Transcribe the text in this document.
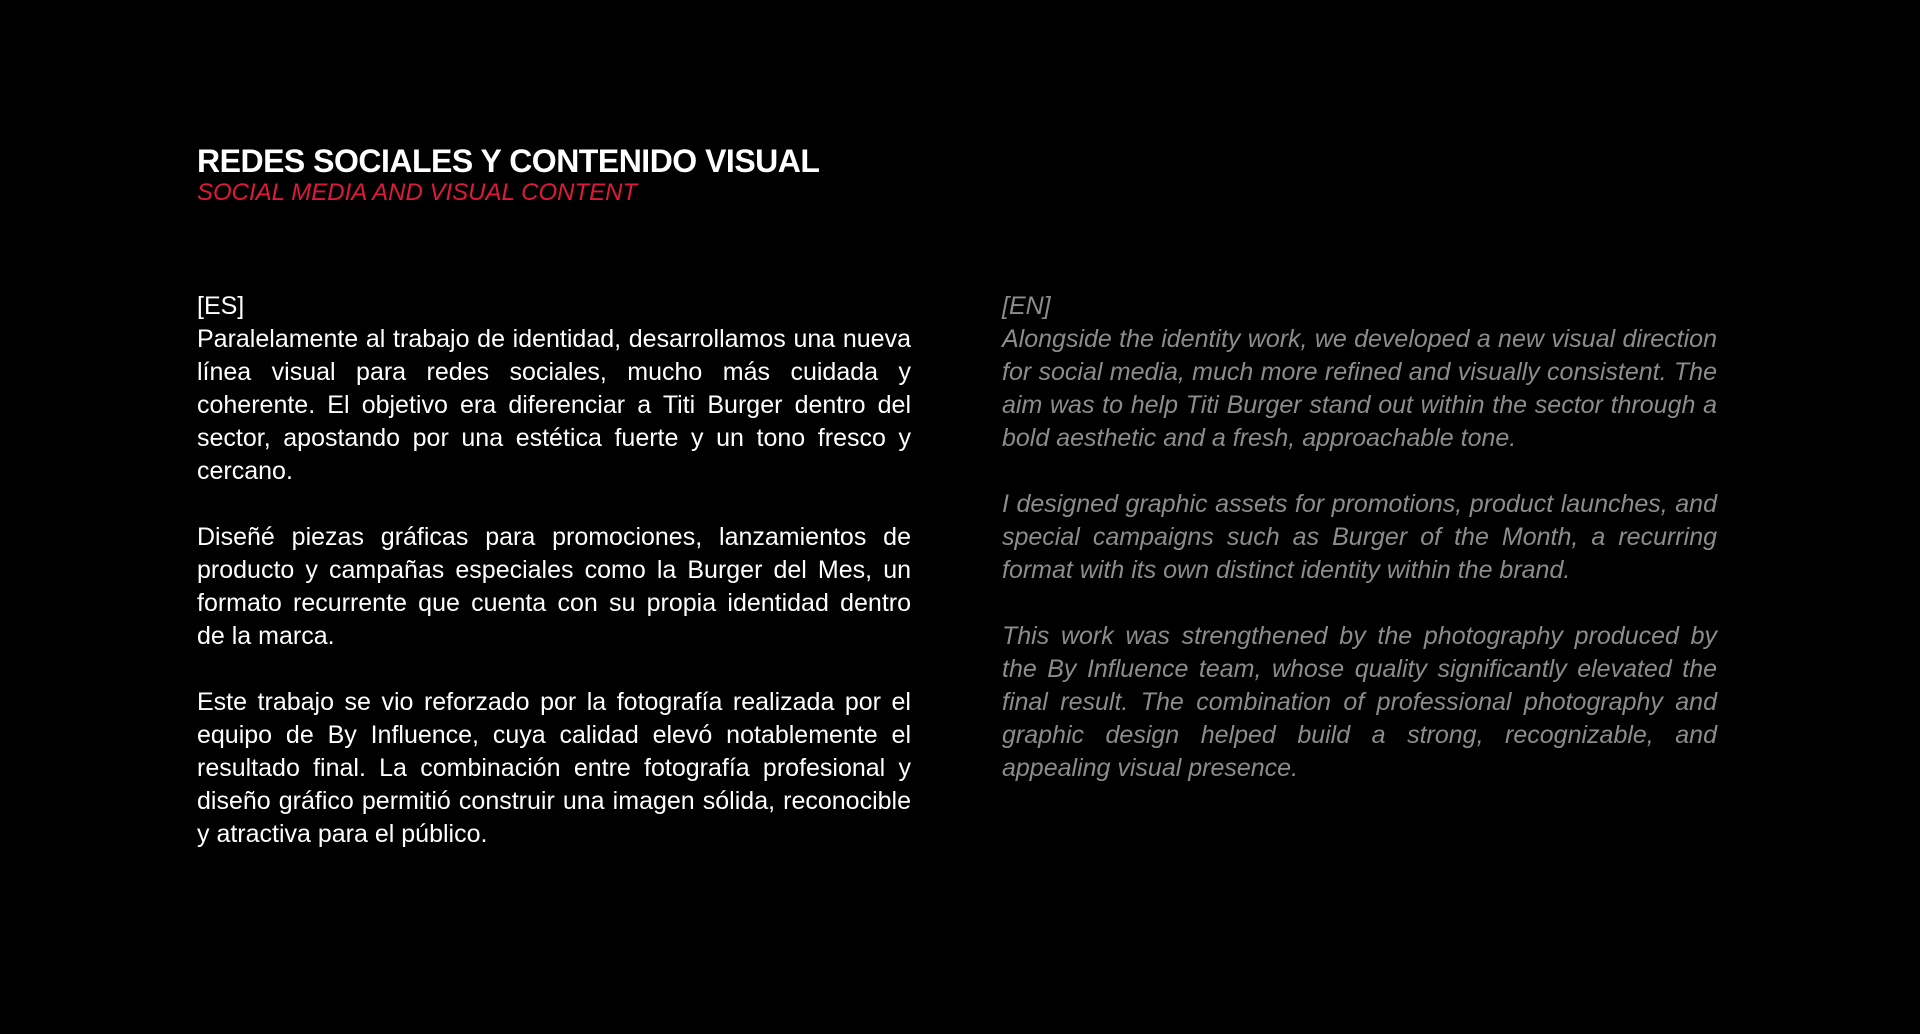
REDES SOCIALES Y CONTENIDO VISUAL

SOCIAL MEDIA AND VISUAL CONTENT

[ES]

Paralelamente al trabajo de identidad, desarrollamos una nueva línea visual para redes sociales, mucho más cuidada y coherente. El objetivo era diferenciar a Titi Burger dentro del sector, apostando por una estética fuerte y un tono fresco y cercano.

Diseñé piezas gráficas para promociones, lanzamientos de producto y campañas especiales como la Burger del Mes, un formato recurrente que cuenta con su propia identidad dentro de la marca.

Este trabajo se vio reforzado por la fotografía realizada por el equipo de By Influence, cuya calidad elevó notablemente el resultado final. La combinación entre fotografía profesional y diseño gráfico permitió construir una imagen sólida, reconocible y atractiva para el público.

[EN]

Alongside the identity work, we developed a new visual direction for social media, much more refined and visually consistent. The aim was to help Titi Burger stand out within the sector through a bold aesthetic and a fresh, approachable tone.

I designed graphic assets for promotions, product launches, and special campaigns such as Burger of the Month, a recurring format with its own distinct identity within the brand.

This work was strengthened by the photography produced by the By Influence team, whose quality significantly elevated the final result. The combination of professional photography and graphic design helped build a strong, recognizable, and appealing visual presence.
